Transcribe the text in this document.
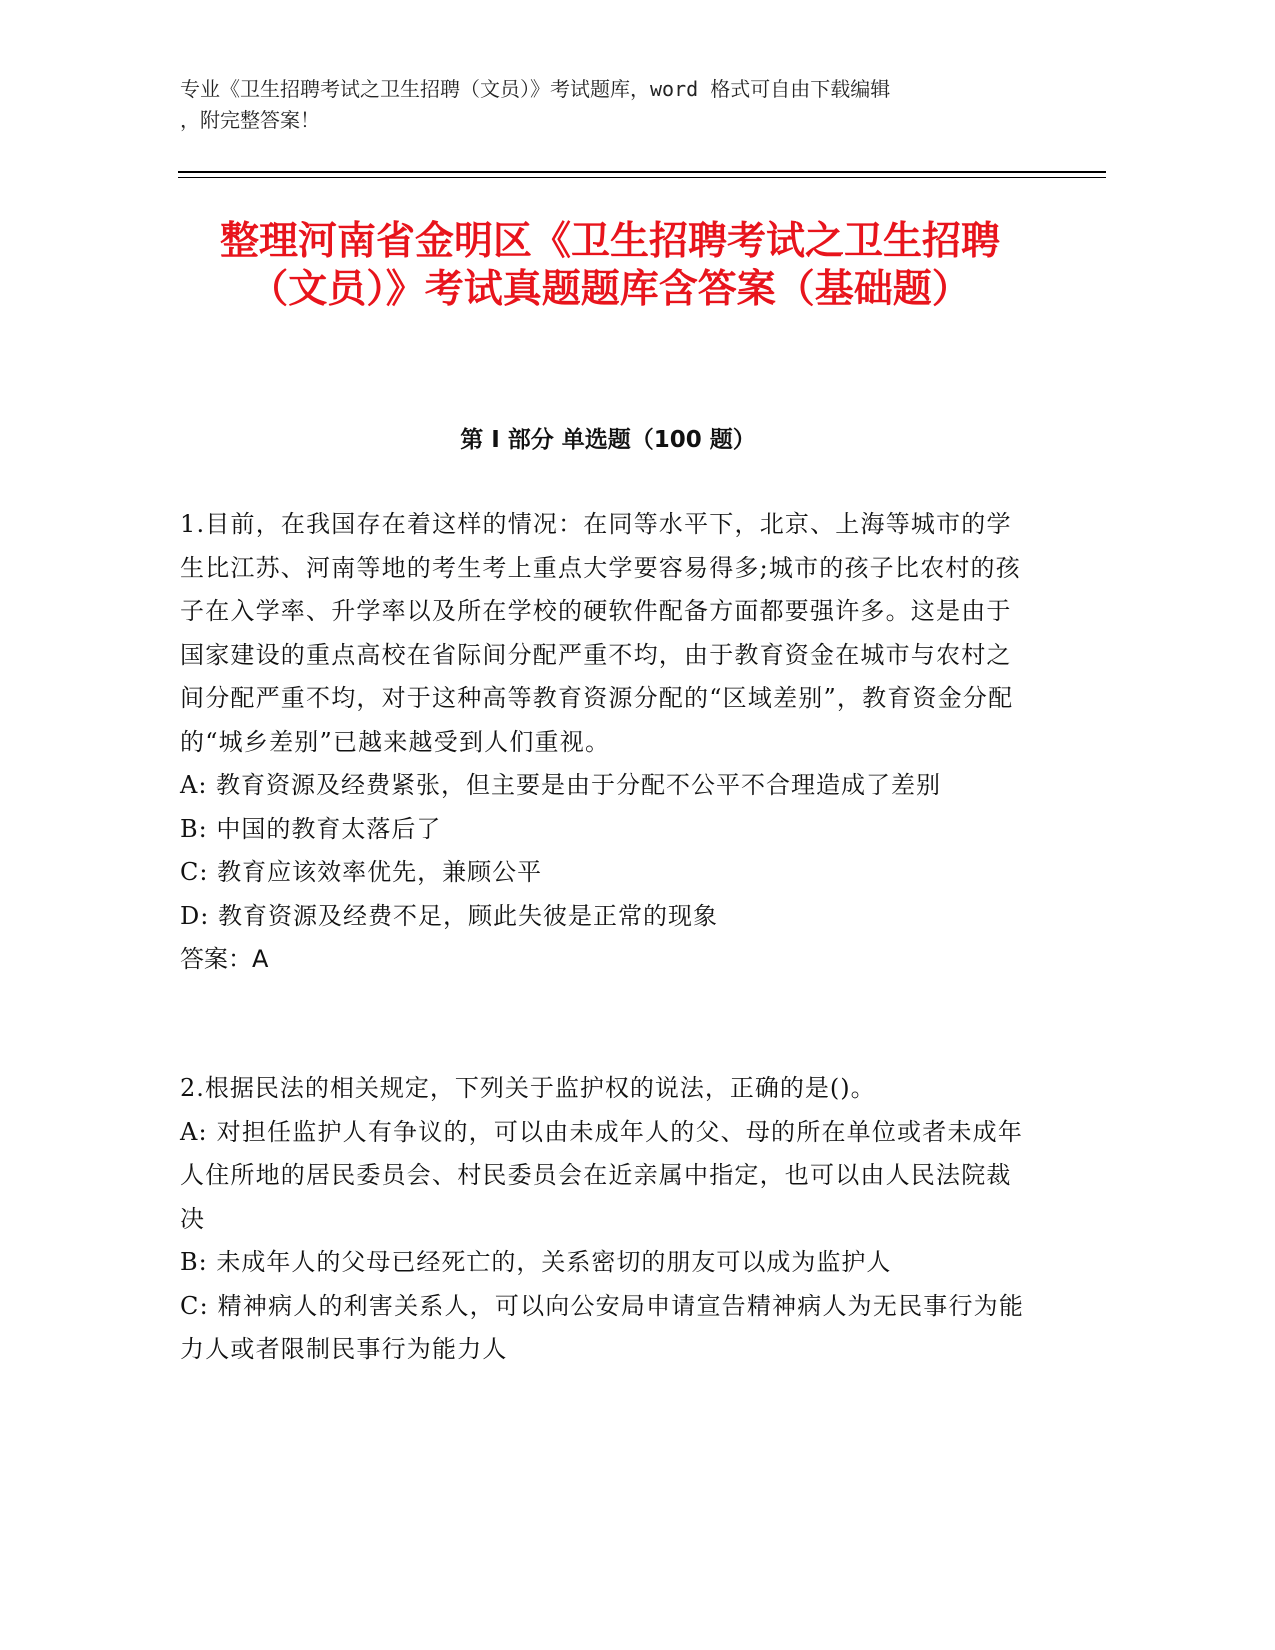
专业《卫生招聘考试之卫生招聘（文员）》考试题库，word 格式可自由下载编辑
，附完整答案！
整理河南省金明区《卫生招聘考试之卫生招聘（文员）》考试真题题库含答案（基础题）
第 I 部分 单选题（100 题）
1.目前，在我国存在着这样的情况：在同等水平下，北京、上海等城市的学生比江苏、河南等地的考生考上重点大学要容易得多;城市的孩子比农村的孩子在入学率、升学率以及所在学校的硬软件配备方面都要强许多。这是由于国家建设的重点高校在省际间分配严重不均，由于教育资金在城市与农村之间分配严重不均，对于这种高等教育资源分配的“区域差别”，教育资金分配的“城乡差别”已越来越受到人们重视。
A: 教育资源及经费紧张，但主要是由于分配不公平不合理造成了差别
B: 中国的教育太落后了
C: 教育应该效率优先，兼顾公平
D: 教育资源及经费不足，顾此失彼是正常的现象
答案：A
2.根据民法的相关规定，下列关于监护权的说法，正确的是()。
A: 对担任监护人有争议的，可以由未成年人的父、母的所在单位或者未成年人住所地的居民委员会、村民委员会在近亲属中指定，也可以由人民法院裁决
B: 未成年人的父母已经死亡的，关系密切的朋友可以成为监护人
C: 精神病人的利害关系人，可以向公安局申请宣告精神病人为无民事行为能力人或者限制民事行为能力人
